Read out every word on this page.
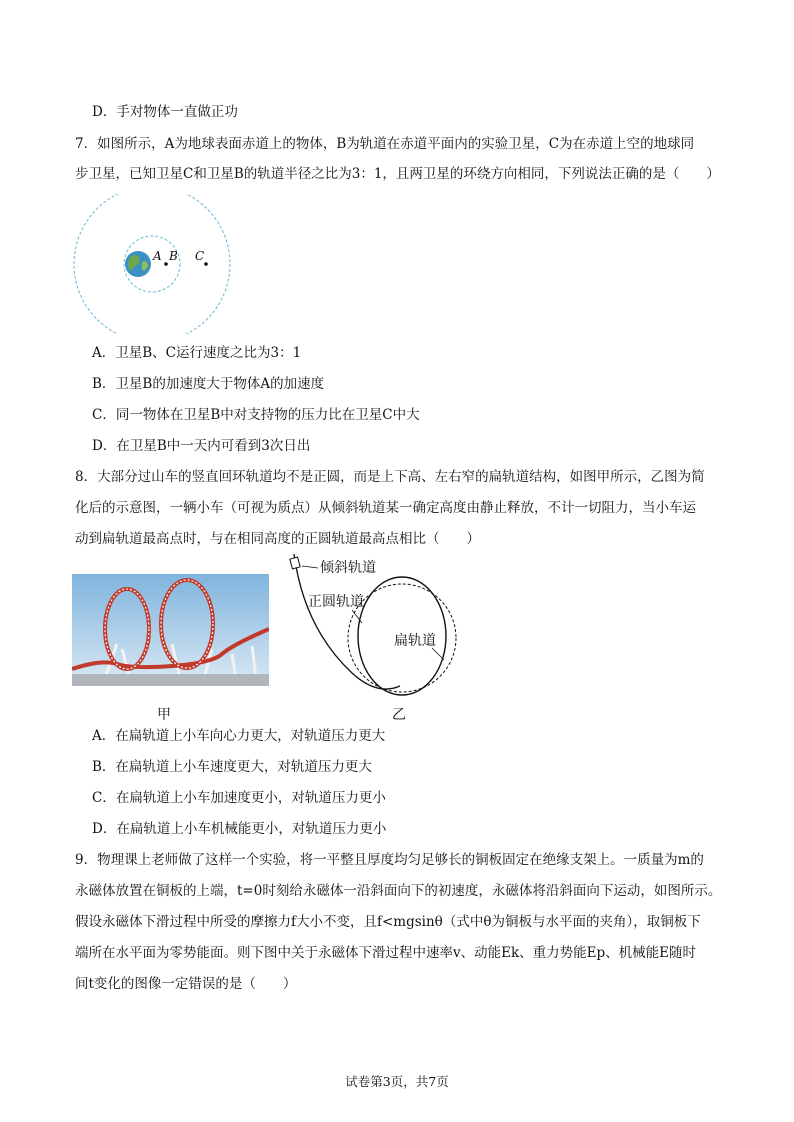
D．手对物体一直做正功
7．如图所示，A为地球表面赤道上的物体，B为轨道在赤道平面内的实验卫星，C为在赤道上空的地球同
步卫星，已知卫星C和卫星B的轨道半径之比为3：1，且两卫星的环绕方向相同，下列说法正确的是（　　）
A B C
A．卫星B、C运行速度之比为3：1
B．卫星B的加速度大于物体A的加速度
C．同一物体在卫星B中对支持物的压力比在卫星C中大
D．在卫星B中一天内可看到3次日出
8．大部分过山车的竖直回环轨道均不是正圆，而是上下高、左右窄的扁轨道结构，如图甲所示，乙图为简
化后的示意图，一辆小车（可视为质点）从倾斜轨道某一确定高度由静止释放，不计一切阻力，当小车运
动到扁轨道最高点时，与在相同高度的正圆轨道最高点相比（　　）
甲
倾斜轨道
正圆轨道
扁轨道
乙
A．在扁轨道上小车向心力更大，对轨道压力更大
B．在扁轨道上小车速度更大，对轨道压力更大
C．在扁轨道上小车加速度更小，对轨道压力更小
D．在扁轨道上小车机械能更小，对轨道压力更小
9．物理课上老师做了这样一个实验，将一平整且厚度均匀足够长的铜板固定在绝缘支架上。一质量为m的
永磁体放置在铜板的上端，t=0时刻给永磁体一沿斜面向下的初速度，永磁体将沿斜面向下运动，如图所示。
假设永磁体下滑过程中所受的摩擦力f大小不变，且f<mgsinθ（式中θ为铜板与水平面的夹角），取铜板下
端所在水平面为零势能面。则下图中关于永磁体下滑过程中速率v、动能Ek、重力势能Ep、机械能E随时
间t变化的图像一定错误的是（　　）
试卷第3页，共7页
